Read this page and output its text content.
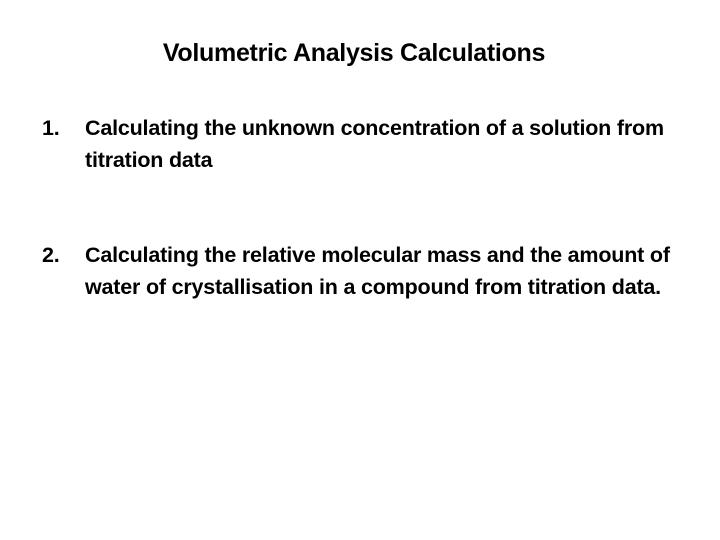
Volumetric Analysis Calculations
1. Calculating the unknown concentration of a solution from titration data
2. Calculating the relative molecular mass and the amount of water of crystallisation in a compound from titration data.
